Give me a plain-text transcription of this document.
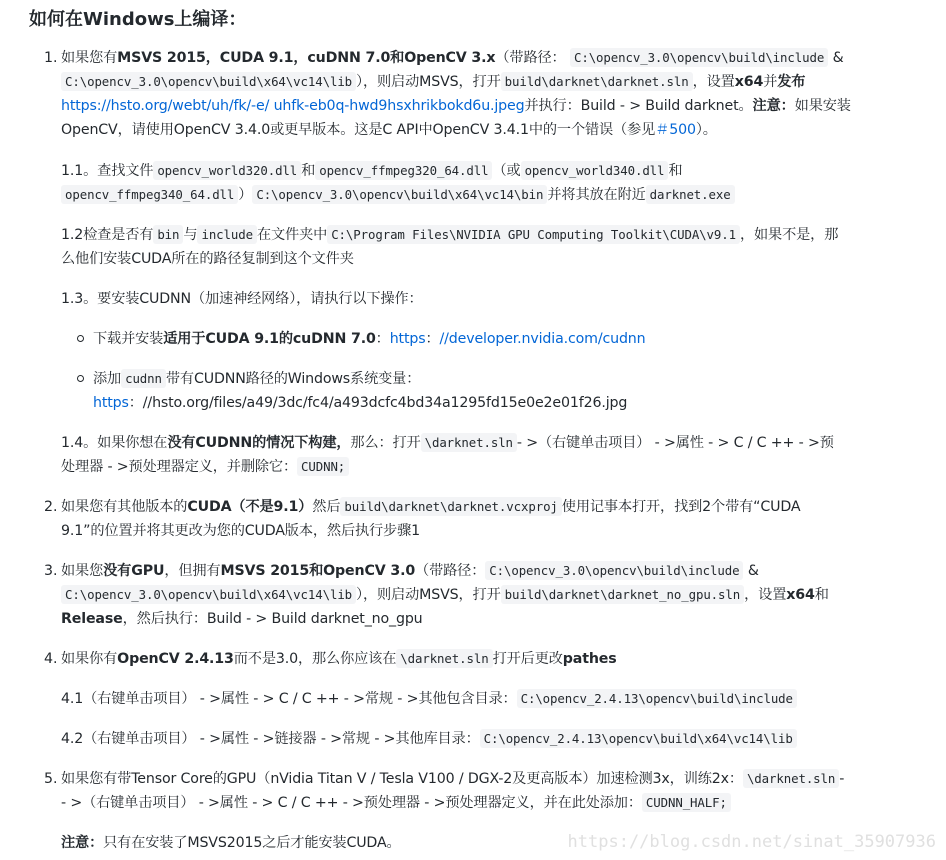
如何在Windows上编译：
1. 如果您有MSVS 2015，CUDA 9.1，cuDNN 7.0和OpenCV 3.x（带路径： C:\opencv_3.0\opencv\build\include &
C:\opencv_3.0\opencv\build\x64\vc14\lib ），则启动MSVS，打开 build\darknet\darknet.sln ，设置x64并发布
https://hsto.org/webt/uh/fk/-e/ uhfk-eb0q-hwd9hsxhrikbokd6u.jpeg并执行：Build - > Build darknet。注意：如果安装
OpenCV，请使用OpenCV 3.4.0或更早版本。这是C API中OpenCV 3.4.1中的一个错误（参见＃500）。
1.1。查找文件 opencv_world320.dll 和 opencv_ffmpeg320_64.dll （或 opencv_world340.dll 和
opencv_ffmpeg340_64.dll ） C:\opencv_3.0\opencv\build\x64\vc14\bin 并将其放在附近 darknet.exe
1.2检查是否有 bin 与 include 在文件夹中 C:\Program Files\NVIDIA GPU Computing Toolkit\CUDA\v9.1 ，如果不是，那
么他们安装CUDA所在的路径复制到这个文件夹
1.3。要安装CUDNN（加速神经网络），请执行以下操作：
下载并安装适用于CUDA 9.1的cuDNN 7.0：https：//developer.nvidia.com/cudnn
添加 cudnn 带有CUDNN路径的Windows系统变量：
https：//hsto.org/files/a49/3dc/fc4/a493dcfc4bd34a1295fd15e0e2e01f26.jpg
1.4。如果你想在没有CUDNN的情况下构建，那么：打开 \darknet.sln - >（右键单击项目） - >属性 - > C / C ++ - >预
处理器 - >预处理器定义，并删除它： CUDNN;
2. 如果您有其他版本的CUDA（不是9.1）然后 build\darknet\darknet.vcxproj 使用记事本打开，找到2个带有“CUDA
9.1”的位置并将其更改为您的CUDA版本，然后执行步骤1
3. 如果您没有GPU，但拥有MSVS 2015和OpenCV 3.0（带路径： C:\opencv_3.0\opencv\build\include &
C:\opencv_3.0\opencv\build\x64\vc14\lib ），则启动MSVS，打开 build\darknet\darknet_no_gpu.sln ，设置x64和
Release，然后执行：Build - > Build darknet_no_gpu
4. 如果你有OpenCV 2.4.13而不是3.0，那么你应该在 \darknet.sln 打开后更改pathes
4.1（右键单击项目） - >属性 - > C / C ++ - >常规 - >其他包含目录： C:\opencv_2.4.13\opencv\build\include
4.2（右键单击项目） - >属性 - >链接器 - >常规 - >其他库目录： C:\opencv_2.4.13\opencv\build\x64\vc14\lib
5. 如果您有带Tensor Core的GPU（nVidia Titan V / Tesla V100 / DGX-2及更高版本）加速检测3x，训练2x： \darknet.sln -
- >（右键单击项目） - >属性 - > C / C ++ - >预处理器 - >预处理器定义，并在此处添加： CUDNN_HALF;
注意：只有在安装了MSVS2015之后才能安装CUDA。	https://blog.csdn.net/sinat_35907936
